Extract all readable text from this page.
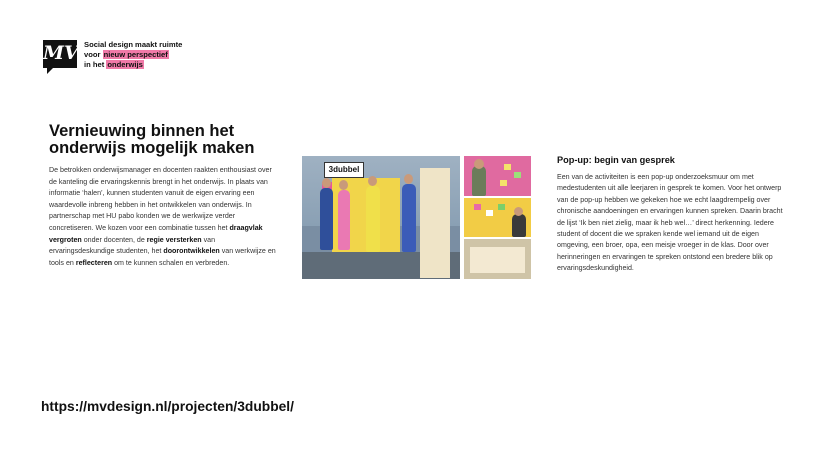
MV Social design maakt ruimte
voor nieuw perspectief
in het onderwijs
Vernieuwing binnen het onderwijs mogelijk maken

De betrokken onderwijsmanager en docenten raakten enthousiast over de kanteling die ervaringskennis brengt in het onderwijs. In plaats van informatie ‘halen’, kunnen studenten vanuit de eigen ervaring een waardevolle inbreng hebben in het ontwikkelen van onderwijs. In partnerschap met HU pabo konden we de werkwijze verder concretiseren. We kozen voor een combinatie tussen het draagvlak vergroten onder docenten, de regie versterken van ervaringsdeskundige studenten, het doorontwikkelen van werkwijze en tools en reflecteren om te kunnen schalen en verbreden.

3dubbel
Pop-up: begin van gesprek

Een van de activiteiten is een pop-up onderzoeksmuur om met medestudenten uit alle leerjaren in gesprek te komen. Voor het ontwerp van de pop-up hebben we gekeken hoe we echt laagdrempelig over chronische aandoeningen en ervaringen kunnen spreken. Daarin bracht de lijst ‘Ik ben niet zielig, maar ik heb wel…’ direct herkenning. Iedere student of docent die we spraken kende wel iemand uit de eigen omgeving, een broer, opa, een meisje vroeger in de klas. Door over herinneringen en ervaringen te spreken ontstond een bredere blik op ervaringsdeskundigheid.

https://mvdesign.nl/projecten/3dubbel/
